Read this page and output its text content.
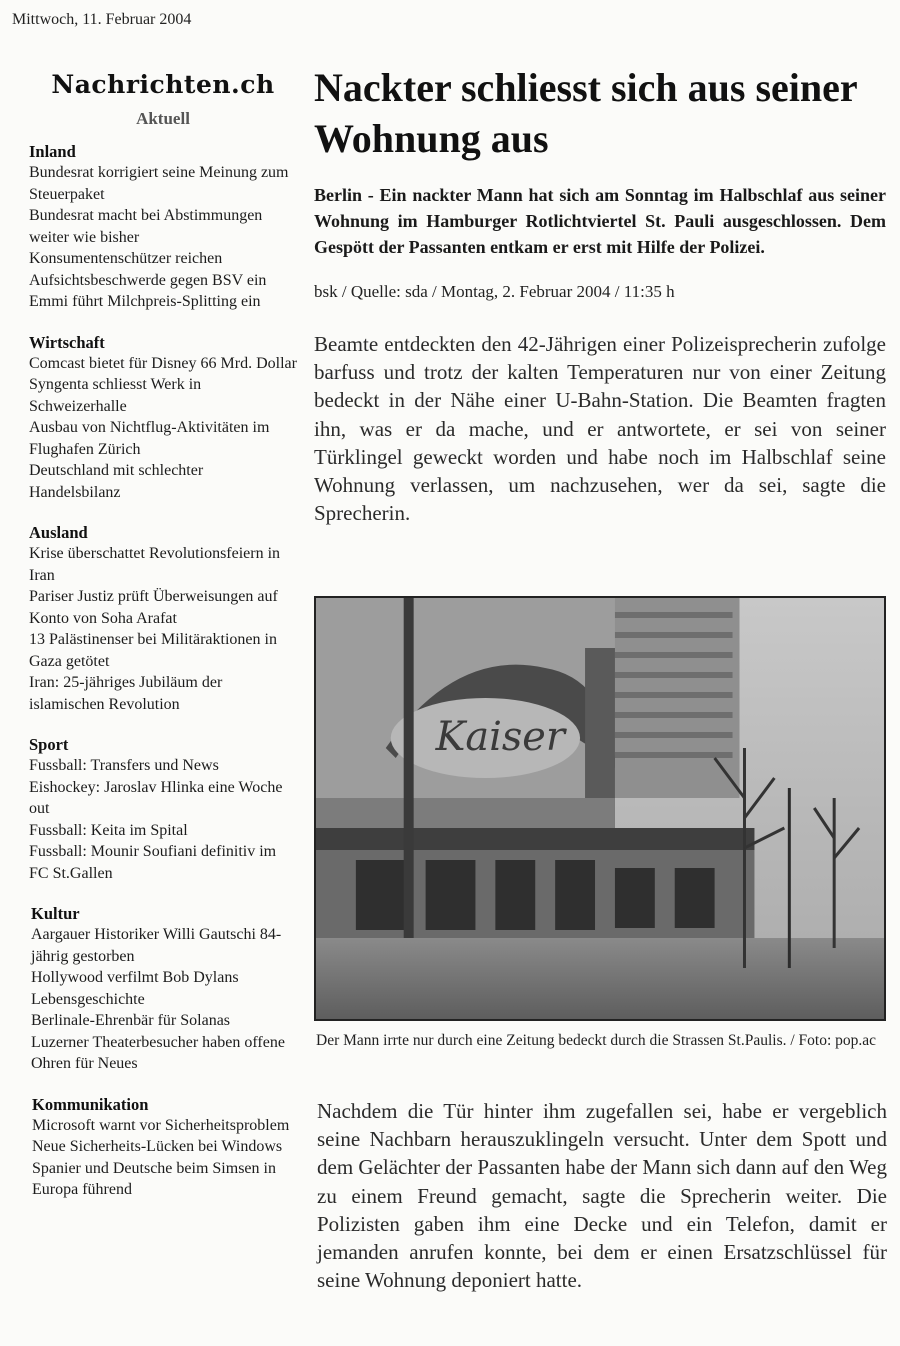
Mittwoch, 11. Februar 2004
Nachrichten.ch
Aktuell
Inland
Bundesrat korrigiert seine Meinung zum Steuerpaket
Bundesrat macht bei Abstimmungen weiter wie bisher
Konsumentenschützer reichen Aufsichtsbeschwerde gegen BSV ein
Emmi führt Milchpreis-Splitting ein
Wirtschaft
Comcast bietet für Disney 66 Mrd. Dollar
Syngenta schliesst Werk in Schweizerhalle
Ausbau von Nichtflug-Aktivitäten im Flughafen Zürich
Deutschland mit schlechter Handelsbilanz
Ausland
Krise überschattet Revolutionsfeiern in Iran
Pariser Justiz prüft Überweisungen auf Konto von Soha Arafat
13 Palästinenser bei Militäraktionen in Gaza getötet
Iran: 25-jähriges Jubiläum der islamischen Revolution
Sport
Fussball: Transfers und News
Eishockey: Jaroslav Hlinka eine Woche out
Fussball: Keita im Spital
Fussball: Mounir Soufiani definitiv im FC St.Gallen
Kultur
Aargauer Historiker Willi Gautschi 84-jährig gestorben
Hollywood verfilmt Bob Dylans Lebensgeschichte
Berlinale-Ehrenbär für Solanas
Luzerner Theaterbesucher haben offene Ohren für Neues
Kommunikation
Microsoft warnt vor Sicherheitsproblem
Neue Sicherheits-Lücken bei Windows
Spanier und Deutsche beim Simsen in Europa führend
Nackter schliesst sich aus seiner Wohnung aus

Berlin - Ein nackter Mann hat sich am Sonntag im Halbschlaf aus seiner Wohnung im Hamburger Rotlichtviertel St. Pauli ausgeschlossen. Dem Gespött der Passanten entkam er erst mit Hilfe der Polizei.

bsk / Quelle: sda / Montag, 2. Februar 2004 / 11:35 h

Beamte entdeckten den 42-Jährigen einer Polizeisprecherin zufolge barfuss und trotz der kalten Temperaturen nur von einer Zeitung bedeckt in der Nähe einer U-Bahn-Station. Die Beamten fragten ihn, was er da mache, und er antwortete, er sei von seiner Türklingel geweckt worden und habe noch im Halbschlaf seine Wohnung verlassen, um nachzusehen, wer da sei, sagte die Sprecherin.

Kaiser

Der Mann irrte nur durch eine Zeitung bedeckt durch die Strassen St.Paulis. / Foto: pop.ac

Nachdem die Tür hinter ihm zugefallen sei, habe er vergeblich seine Nachbarn herauszuklingeln versucht. Unter dem Spott und dem Gelächter der Passanten habe der Mann sich dann auf den Weg zu einem Freund gemacht, sagte die Sprecherin weiter. Die Polizisten gaben ihm eine Decke und ein Telefon, damit er jemanden anrufen konnte, bei dem er einen Ersatzschlüssel für seine Wohnung deponiert hatte.
